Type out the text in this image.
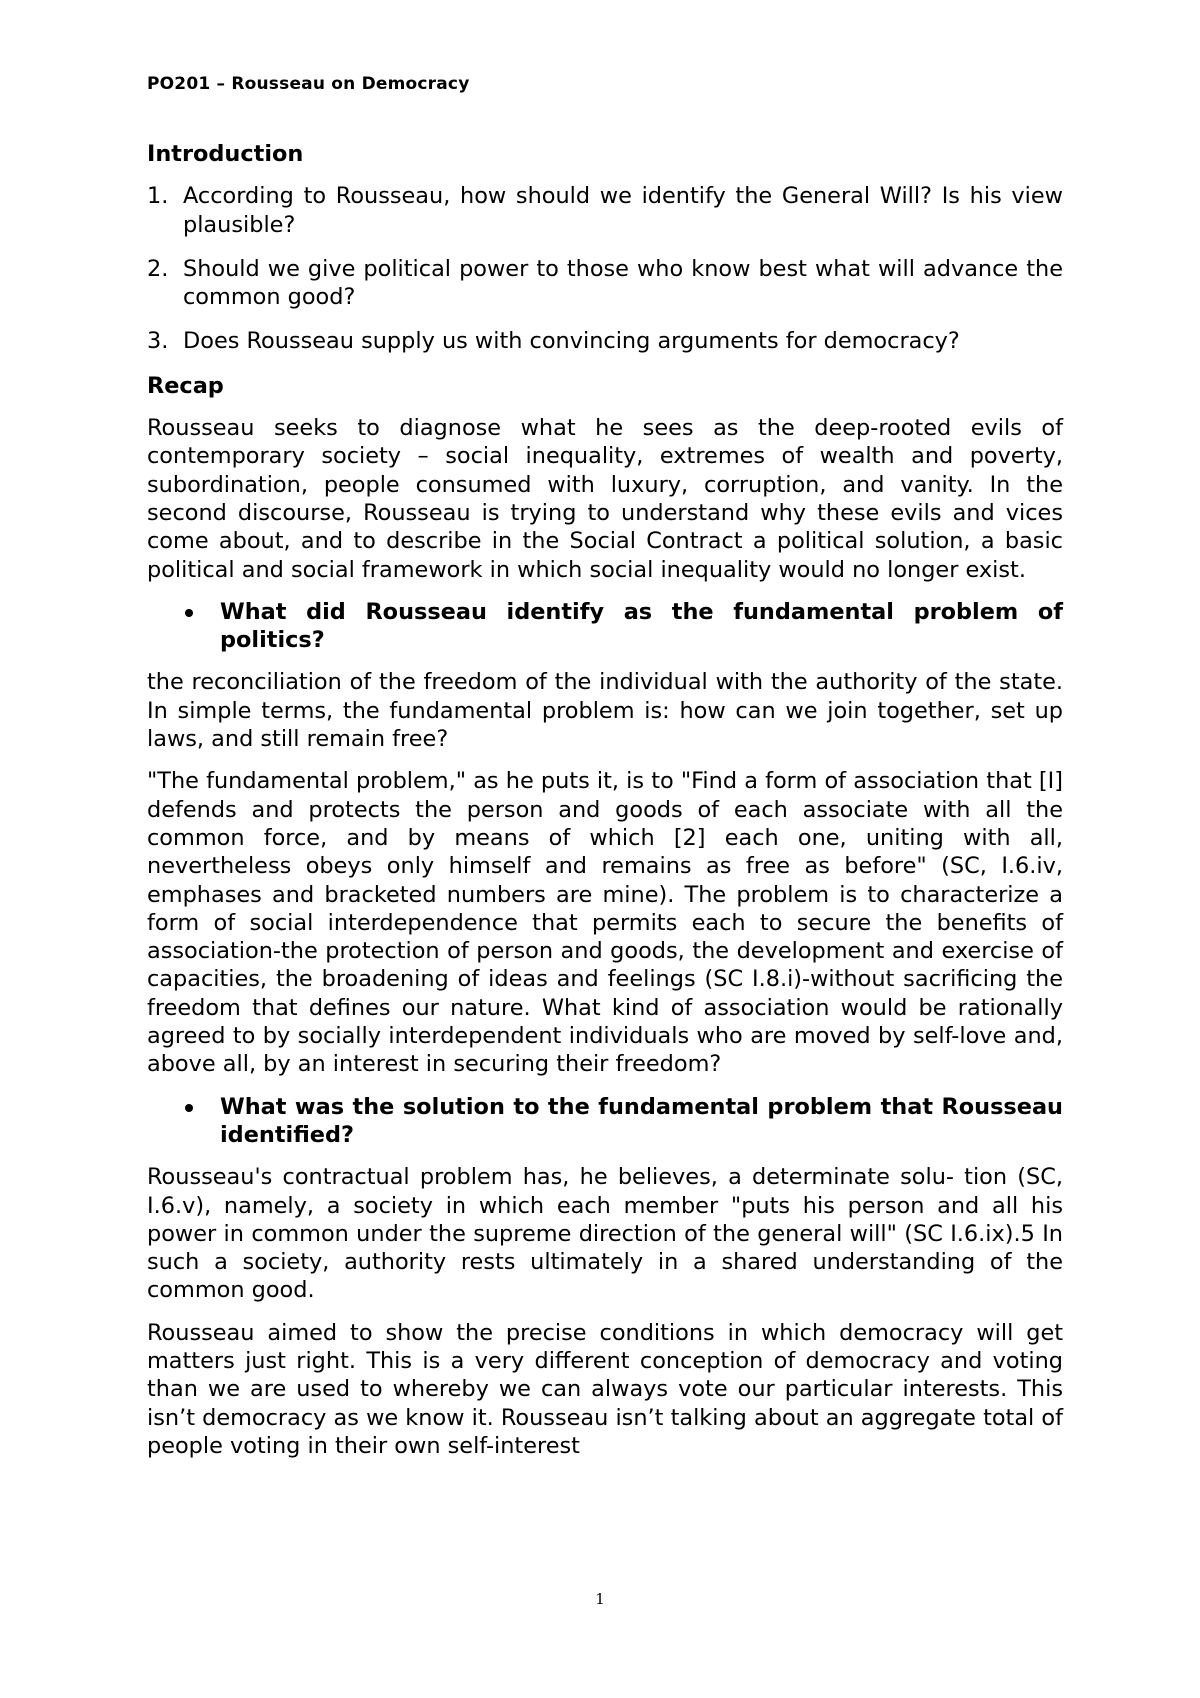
PO201 – Rousseau on Democracy
Introduction
1. According to Rousseau, how should we identify the General Will? Is his view plausible?
2. Should we give political power to those who know best what will advance the common good?
3. Does Rousseau supply us with convincing arguments for democracy?
Recap

Rousseau seeks to diagnose what he sees as the deep-rooted evils of contemporary society – social inequality, extremes of wealth and poverty, subordination, people consumed with luxury, corruption, and vanity. In the second discourse, Rousseau is trying to understand why these evils and vices come about, and to describe in the Social Contract a political solution, a basic political and social framework in which social inequality would no longer exist.

What did Rousseau identify as the fundamental problem of politics?

the reconciliation of the freedom of the individual with the authority of the state. In simple terms, the fundamental problem is: how can we join together, set up laws, and still remain free?

"The fundamental problem," as he puts it, is to "Find a form of association that [I] defends and protects the person and goods of each associate with all the common force, and by means of which [2] each one, uniting with all, nevertheless obeys only himself and remains as free as before" (SC, I.6.iv, emphases and bracketed numbers are mine). The problem is to characterize a form of social interdependence that permits each to secure the benefits of association-the protection of person and goods, the development and exercise of capacities, the broadening of ideas and feelings (SC I.8.i)-without sacrificing the freedom that defines our nature. What kind of association would be rationally agreed to by socially interdependent individuals who are moved by self-love and, above all, by an interest in securing their freedom?

What was the solution to the fundamental problem that Rousseau identified?

Rousseau's contractual problem has, he believes, a determinate solu- tion (SC, I.6.v), namely, a society in which each member "puts his person and all his power in common under the supreme direction of the general will" (SC I.6.ix).5 In such a society, authority rests ultimately in a shared understanding of the common good.

Rousseau aimed to show the precise conditions in which democracy will get matters just right. This is a very different conception of democracy and voting than we are used to whereby we can always vote our particular interests. This isn’t democracy as we know it. Rousseau isn’t talking about an aggregate total of people voting in their own self-interest

1
